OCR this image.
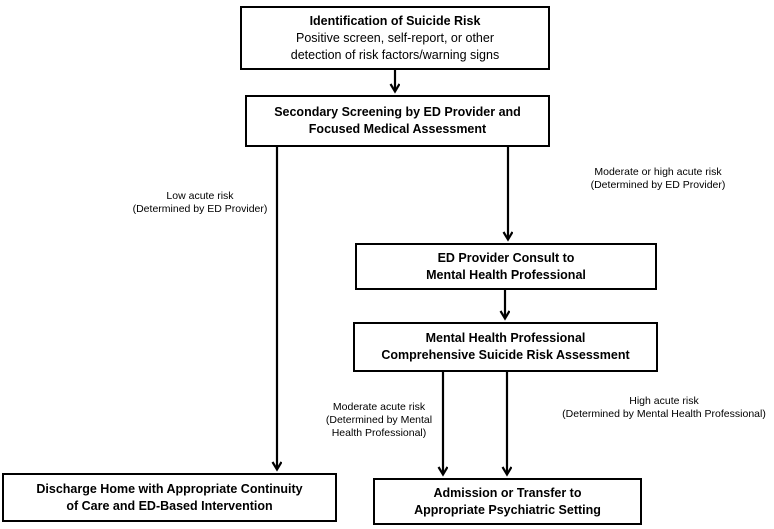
Identification of Suicide Risk
Positive screen, self-report, or other
detection of risk factors/warning signs
Secondary Screening by ED Provider and
Focused Medical Assessment
ED Provider Consult to
Mental Health Professional
Mental Health Professional
Comprehensive Suicide Risk Assessment
Discharge Home with Appropriate Continuity
of Care and ED-Based Intervention
Admission or Transfer to
Appropriate Psychiatric Setting
Low acute risk
(Determined by ED Provider)
Moderate or high acute risk
(Determined by ED Provider)
Moderate acute risk
(Determined by Mental
Health Professional)
High acute risk
(Determined by Mental Health Professional)
